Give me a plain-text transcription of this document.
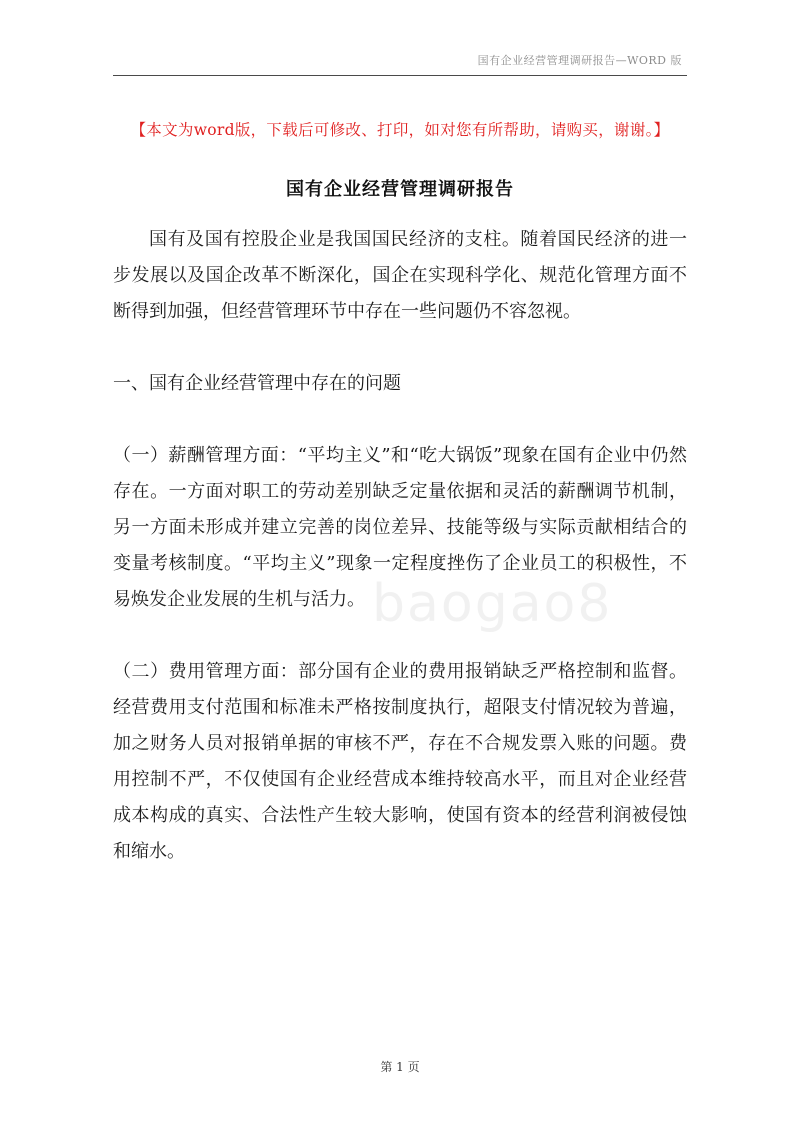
国有企业经营管理调研报告—WORD 版
【本文为word版，下载后可修改、打印，如对您有所帮助，请购买，谢谢。】
国有企业经营管理调研报告

国有及国有控股企业是我国国民经济的支柱。随着国民经济的进一步发展以及国企改革不断深化，国企在实现科学化、规范化管理方面不断得到加强，但经营管理环节中存在一些问题仍不容忽视。

一、国有企业经营管理中存在的问题

（一）薪酬管理方面：“平均主义”和“吃大锅饭”现象在国有企业中仍然存在。一方面对职工的劳动差别缺乏定量依据和灵活的薪酬调节机制，另一方面未形成并建立完善的岗位差异、技能等级与实际贡献相结合的变量考核制度。“平均主义”现象一定程度挫伤了企业员工的积极性，不易焕发企业发展的生机与活力。

（二）费用管理方面：部分国有企业的费用报销缺乏严格控制和监督。经营费用支付范围和标准未严格按制度执行，超限支付情况较为普遍，加之财务人员对报销单据的审核不严，存在不合规发票入账的问题。费用控制不严，不仅使国有企业经营成本维持较高水平，而且对企业经营成本构成的真实、合法性产生较大影响，使国有资本的经营利润被侵蚀和缩水。

baogao8
第 1 页
